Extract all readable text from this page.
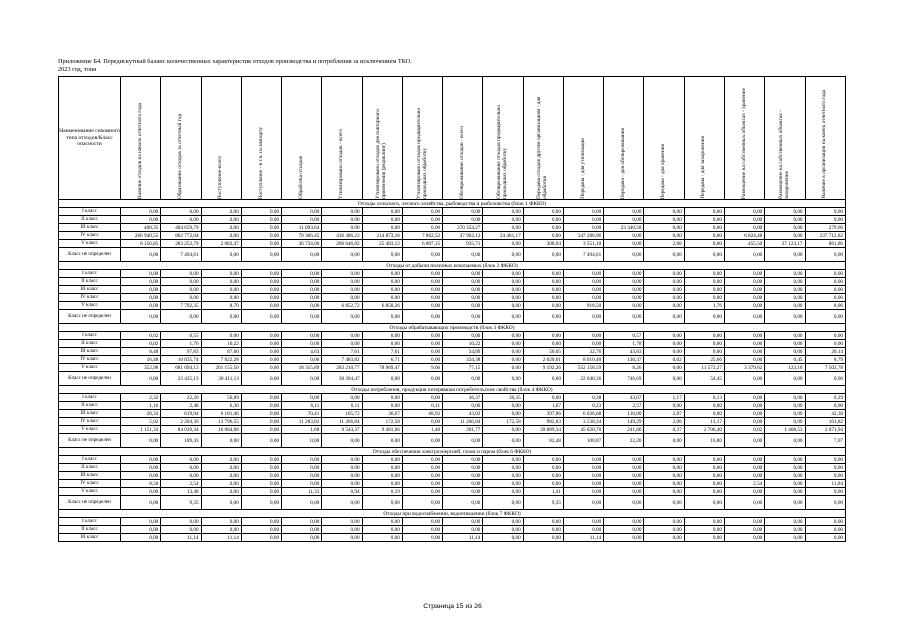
Приложение Б4. Передискутный баланс количественных характеристик отходов производства и потребления за исключением ТКО.
2023 год, тонн
Наименование севомного типа отходов/Класс опасности	Наличие отходов на начало отчетного года	Образование отходов за отчетный год	Поступление-всего	Поступление - в т.ч. по импорту	Обработка отходов	Утилизировано отходов - всего	Утилизировано отходов для повторного применения (рециклинг)	Утилизировано отходов предварительно прошедших обработку	Обезвреживание отходов - всего	Обезвреживание отходов предварительно прошедших обработку	Передача отходов другим организациям - для обработки	Передача - для утилизации	Передача - для обезвреживания	Передача - для хранения	Передача - для захоронения	Размещение на собственных объектах - хранение	Размещение на собственных объектах - захоронение	Наличие в организации на конец отчетного года

Отходы сельского, лесного хозяйства, рыбоводства и рыболовства (блок 1 ФККО)																		
I класс	0,00	0,00	0,00	0,00	0,00	0,00	0,00	0,00	0,00	0,00	0,00	0,00	0,00	0,00	0,00	0,00	0,00	0,00
II класс	0,00	0,00	0,00	0,00	0,00	0,00	0,00	0,00	0,00	0,00	0,00	0,00	0,00	0,00	0,00	0,00	0,00	0,00
III класс	408,35	404 659,79	0,00	0,00	11 093,64	0,00	0,00	0,00	370 354,27	0,00	0,00	0,00	23 340,58	0,00	0,00	0,00	0,00	279,66
IV класс	266 940,55	862 772,04	0,00	0,00	70 366,45	436 386,23	214 873,16	7 862,52	47 962,13	24 481,17	0,00	347 288,96	0,00	0,00	0,00	6 824,48	0,00	237 712,82
V класс	8 156,85	283 252,79	2 083,47	0,00	36 734,06	206 646,82	25 483,12	6 807,15	935,71	0,00	308,94	3 551,10	0,00	2,68	0,00	455,50	37 123,17	861,86
Класс не определен	0,00	7 494,61	0,00	0,00	0,00	0,00	0,00	0,00	0,00	0,00	0,00	7 494,61	0,00	0,00	0,00	0,00	0,00	0,00
Отходы от добычи полезных ископаемых (блок 2 ФККО)																		
I класс	0,00	0,00	0,00	0,00	0,00	0,00	0,00	0,00	0,00	0,00	0,00	0,00	0,00	0,00	0,00	0,00	0,00	0,00
II класс	0,00	0,00	0,00	0,00	0,00	0,00	0,00	0,00	0,00	0,00	0,00	0,00	0,00	0,00	0,00	0,00	0,00	0,00
III класс	0,00	0,00	0,00	0,00	0,00	0,00	0,00	0,00	0,00	0,00	0,00	0,00	0,00	0,00	0,00	0,00	0,00	0,00
IV класс	0,00	0,00	0,00	0,00	0,00	0,00	0,00	0,00	0,00	0,00	0,00	0,00	0,00	0,00	0,00	0,00	0,00	0,00
V класс	0,00	7 792,35	8,70	0,00	0,00	6 852,72	6 850,26	0,00	0,00	0,00	0,00	918,50	0,00	0,00	1,76	0,00	0,00	8,06
Класс не определен	0,00	0,00	0,00	0,00	0,00	0,00	0,00	0,00	0,00	0,00	0,00	0,00	0,00	0,00	0,00	0,00	0,00	0,00
Отходы обрабатывающих производств (блок 3 ФККО)																		
I класс	0,02	0,55	0,00	0,00	0,00	0,00	0,00	0,00	0,00	0,00	0,00	0,00	0,57	0,00	0,00	0,00	0,00	0,00
II класс	0,02	1,76	10,22	0,00	0,00	0,00	0,00	0,00	10,22	0,00	0,00	0,00	1,78	0,00	0,00	0,00	0,00	0,00
III класс	8,48	97,83	87,60	0,00	4,63	7,61	7,61	0,00	34,89	0,00	50,05	32,76	43,83	0,00	0,00	0,00	0,00	20,14
IV класс	16,48	10 835,74	7 822,28	0,00	0,00	7 483,82	6,71	0,00	334,38	0,00	2 620,61	8 010,40	130,37	0,02	25,66	0,00	0,45	8,79
V класс	352,98	681 094,13	201 155,50	0,00	18 315,89	283 210,77	78 969,47	9,66	77,15	0,00	9 192,26	552 158,59	8,26	0,00	11 572,27	3 379,62	123,10	7 502,78
Класс не определен	0,00	23 425,13	30 411,13	0,00	0,00	30 394,47	0,00	0,00	0,00	0,00	0,00	22 640,36	746,69	0,00	54,45	0,00	0,00	0,00
Отходы потребления, продукция потерявшая потребительские свойства (блок 4 ФККО)																		
I класс	2,32	22,20	56,89	0,00	0,00	0,00	0,00	0,00	36,37	36,35	0,00	0,38	43,07	1,17	0,13	0,00	0,00	0,29
II класс	1,16	2,48	6,30	0,00	6,11	0,11	0,00	0,11	0,00	0,00	1,67	0,23	2,57	0,00	0,00	0,00	0,00	0,00
III класс	20,33	619,04	6 101,46	0,00	70,41	105,72	36,67	68,92	43,02	0,00	397,86	6 036,68	110,80	2,87	0,00	0,00	0,00	42,38
IV класс	5,02	2 204,36	13 796,55	0,00	11 283,82	11 266,84	172,58	0,00	11 266,84	172,58	982,83	3 538,34	149,29	2,08	13,17	0,00	0,00	161,82
V класс	1 151,33	84 039,34	16 084,08	0,00	1,68	9 543,37	9 481,66	1,40	391,77	0,00	39 889,34	45 020,70	241,86	0,37	2 706,40	0,02	1 408,53	2 071,94
Класс не определен	0,00	189,43	0,00	0,00	0,00	0,00	0,00	0,00	0,00	0,00	82,48	100,87	22,20	0,00	16,80	0,00	0,00	7,07
Отходы обеспечения электроэнергией, газом и паром (блок 6 ФККО)																		
I класс	0,00	0,00	0,00	0,00	0,00	0,00	0,00	0,00	0,00	0,00	0,00	0,00	0,00	0,00	0,00	0,00	0,00	0,00
II класс	0,00	0,00	0,00	0,00	0,00	0,00	0,00	0,00	0,00	0,00	0,00	0,00	0,00	0,00	0,00	0,00	0,00	0,00
III класс	0,00	0,00	0,00	0,00	0,00	0,00	0,00	0,00	0,00	0,00	0,00	0,00	0,00	0,00	0,00	0,00	0,00	0,00
IV класс	8,50	2,54	0,00	0,00	0,00	0,00	0,00	0,00	0,00	0,00	0,00	0,00	0,00	0,00	0,00	2,54	0,00	11,04
V класс	0,00	13,48	0,00	0,00	11,33	0,94	0,19	0,00	0,00	0,00	1,41	0,00	0,00	0,00	0,00	0,00	0,00	0,00
Класс не определен	0,00	9,35	0,00	0,00	0,00	0,00	0,00	0,00	0,00	0,00	9,35	0,00	0,00	0,00	0,00	0,00	0,00	0,00
Отходы при водоснабжении, водоотведении (блок 7 ФККО)																		
I класс	0,00	0,00	0,00	0,00	0,00	0,00	0,00	0,00	0,00	0,00	0,00	0,00	0,00	0,00	0,00	0,00	0,00	0,00
II класс	0,00	0,00	0,00	0,00	0,00	0,00	0,00	0,00	0,00	0,00	0,00	0,00	0,00	0,00	0,00	0,00	0,00	0,00
III класс	0,00	11,14	11,14	0,00	0,00	0,00	0,00	0,00	11,14	0,00	0,00	11,14	0,00	0,00	0,00	0,00	0,00	0,00
Страница 15 из 26
